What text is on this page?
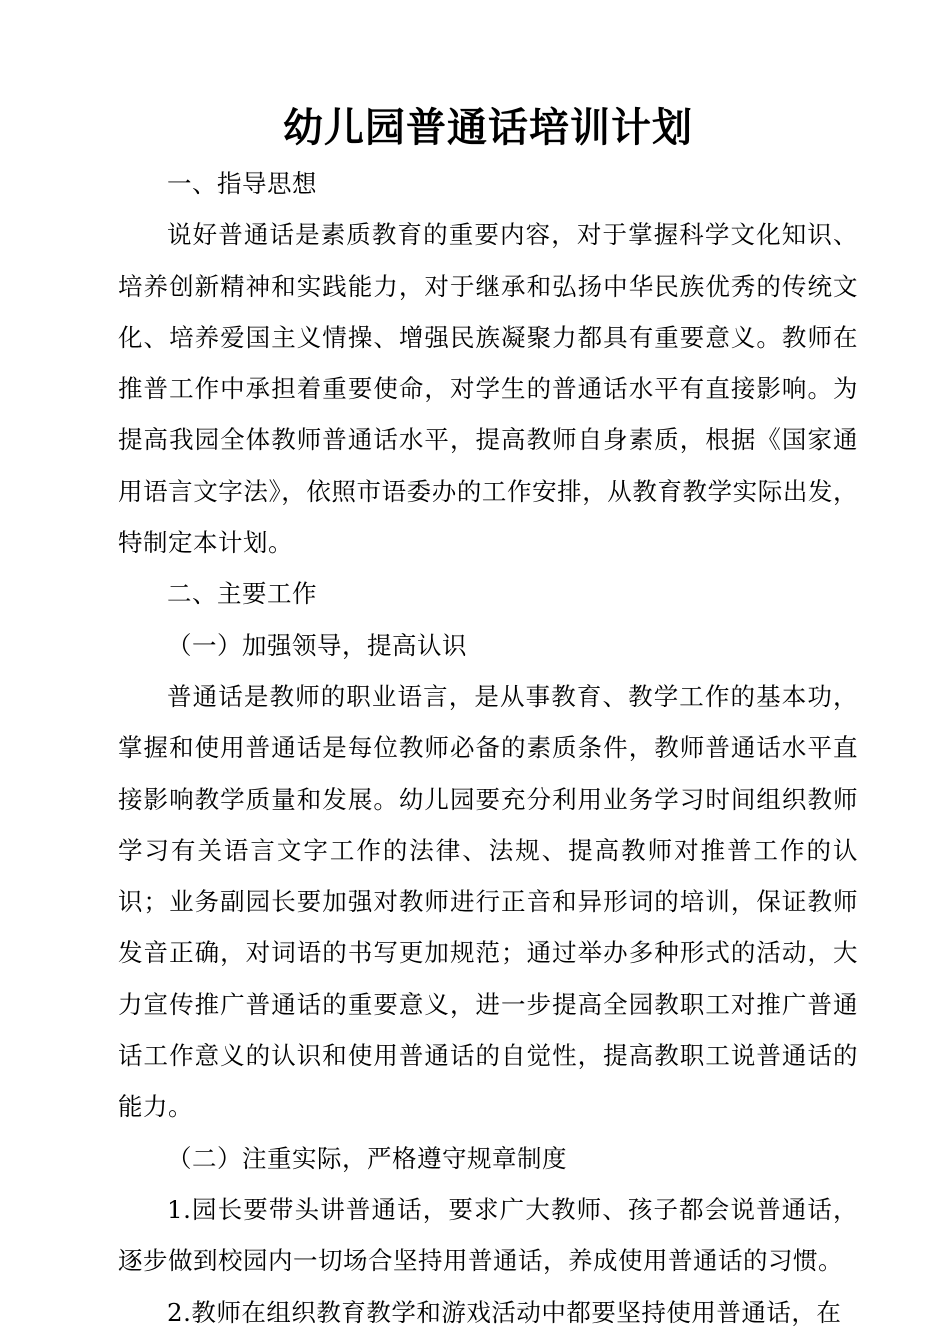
幼儿园普通话培训计划

一、指导思想

说好普通话是素质教育的重要内容，对于掌握科学文化知识、培养创新精神和实践能力，对于继承和弘扬中华民族优秀的传统文化、培养爱国主义情操、增强民族凝聚力都具有重要意义。教师在推普工作中承担着重要使命，对学生的普通话水平有直接影响。为提高我园全体教师普通话水平，提高教师自身素质，根据《国家通用语言文字法》，依照市语委办的工作安排，从教育教学实际出发，特制定本计划。

二、主要工作

（一）加强领导，提高认识

普通话是教师的职业语言，是从事教育、教学工作的基本功，掌握和使用普通话是每位教师必备的素质条件，教师普通话水平直接影响教学质量和发展。幼儿园要充分利用业务学习时间组织教师学习有关语言文字工作的法律、法规、提高教师对推普工作的认识；业务副园长要加强对教师进行正音和异形词的培训，保证教师发音正确，对词语的书写更加规范；通过举办多种形式的活动，大力宣传推广普通话的重要意义，进一步提高全园教职工对推广普通话工作意义的认识和使用普通话的自觉性，提高教职工说普通话的能力。

（二）注重实际，严格遵守规章制度

1.园长要带头讲普通话，要求广大教师、孩子都会说普通话，逐步做到校园内一切场合坚持用普通话，养成使用普通话的习惯。

2.教师在组织教育教学和游戏活动中都要坚持使用普通话，在
